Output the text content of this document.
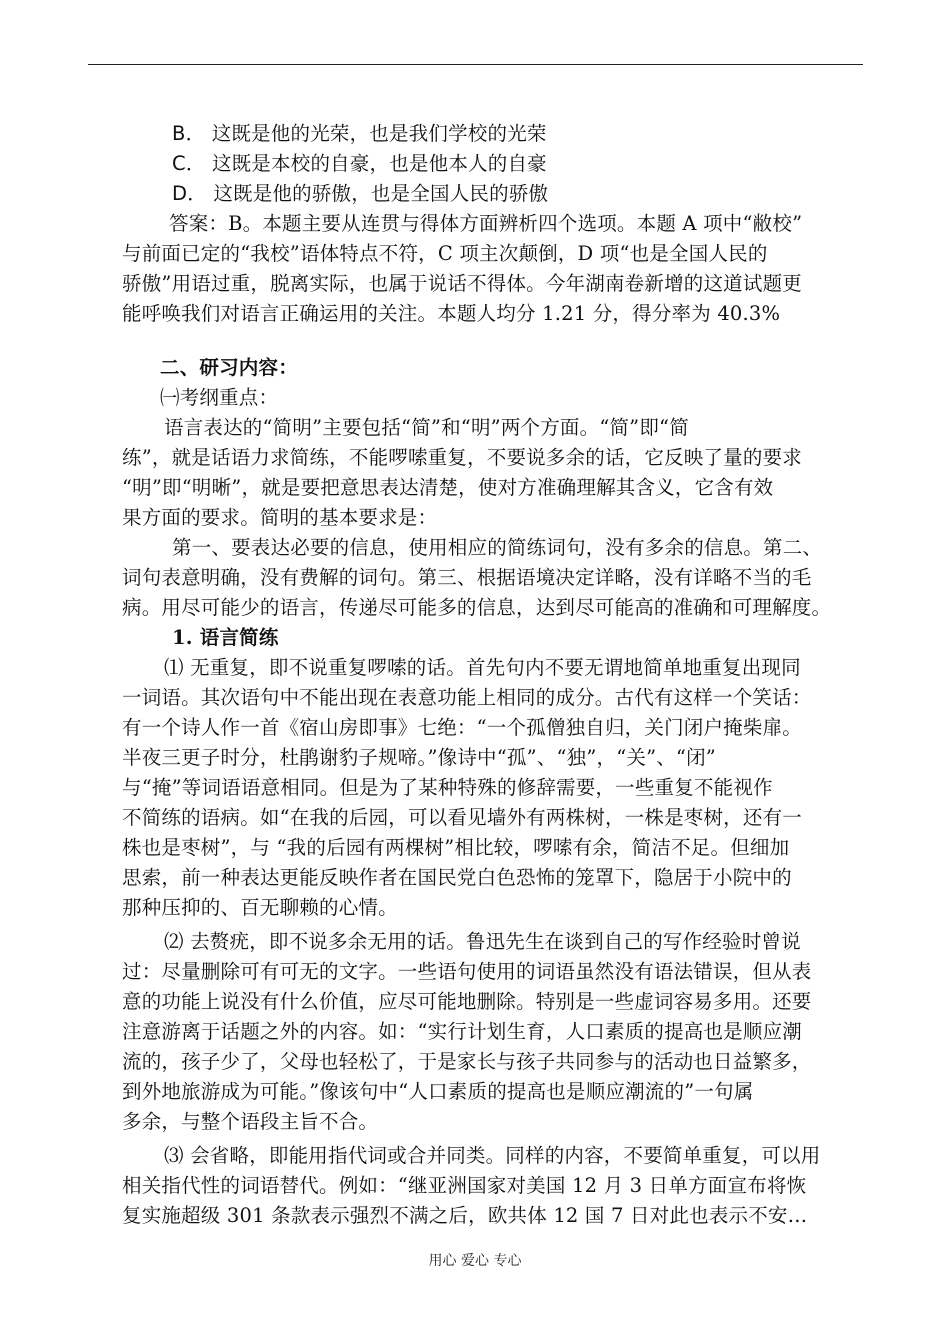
B． 这既是他的光荣，也是我们学校的光荣
C． 这既是本校的自豪，也是他本人的自豪
D． 这既是他的骄傲，也是全国人民的骄傲
答案：B。本题主要从连贯与得体方面辨析四个选项。本题 A 项中“敝校”
与前面已定的“我校”语体特点不符，C 项主次颠倒，D 项“也是全国人民的
骄傲”用语过重，脱离实际，也属于说话不得体。今年湖南卷新增的这道试题更
能呼唤我们对语言正确运用的关注。本题人均分 1.21 分，得分率为 40.3%
二、研习内容：
㈠考纲重点：
语言表达的“简明”主要包括“简”和“明”两个方面。“简”即“简
练”，就是话语力求简练，不能啰嗦重复，不要说多余的话，它反映了量的要求
“明”即“明晰”，就是要把意思表达清楚，使对方准确理解其含义，它含有效
果方面的要求。简明的基本要求是：
第一、要表达必要的信息，使用相应的简练词句，没有多余的信息。第二、
词句表意明确，没有费解的词句。第三、根据语境决定详略，没有详略不当的毛
病。用尽可能少的语言，传递尽可能多的信息，达到尽可能高的准确和可理解度。
1. 语言简练
⑴ 无重复，即不说重复啰嗦的话。首先句内不要无谓地简单地重复出现同
一词语。其次语句中不能出现在表意功能上相同的成分。古代有这样一个笑话：
有一个诗人作一首《宿山房即事》七绝：“一个孤僧独自归，关门闭户掩柴扉。
半夜三更子时分，杜鹃谢豹子规啼。”像诗中“孤”、“独”，“关”、“闭”
与“掩”等词语语意相同。但是为了某种特殊的修辞需要，一些重复不能视作
不简练的语病。如“在我的后园，可以看见墙外有两株树，一株是枣树，还有一
株也是枣树”，与 “我的后园有两棵树”相比较，啰嗦有余，简洁不足。但细加
思索，前一种表达更能反映作者在国民党白色恐怖的笼罩下，隐居于小院中的
那种压抑的、百无聊赖的心情。
⑵ 去赘疣，即不说多余无用的话。鲁迅先生在谈到自己的写作经验时曾说
过：尽量删除可有可无的文字。一些语句使用的词语虽然没有语法错误，但从表
意的功能上说没有什么价值，应尽可能地删除。特别是一些虚词容易多用。还要
注意游离于话题之外的内容。如：“实行计划生育，人口素质的提高也是顺应潮
流的，孩子少了，父母也轻松了，于是家长与孩子共同参与的活动也日益繁多，
到外地旅游成为可能。”像该句中“人口素质的提高也是顺应潮流的”一句属
多余，与整个语段主旨不合。
⑶ 会省略，即能用指代词或合并同类。同样的内容，不要简单重复，可以用
相关指代性的词语替代。例如：“继亚洲国家对美国 12 月 3 日单方面宣布将恢
复实施超级 301 条款表示强烈不满之后，欧共体 12 国 7 日对此也表示不安…
用心 爱心 专心
